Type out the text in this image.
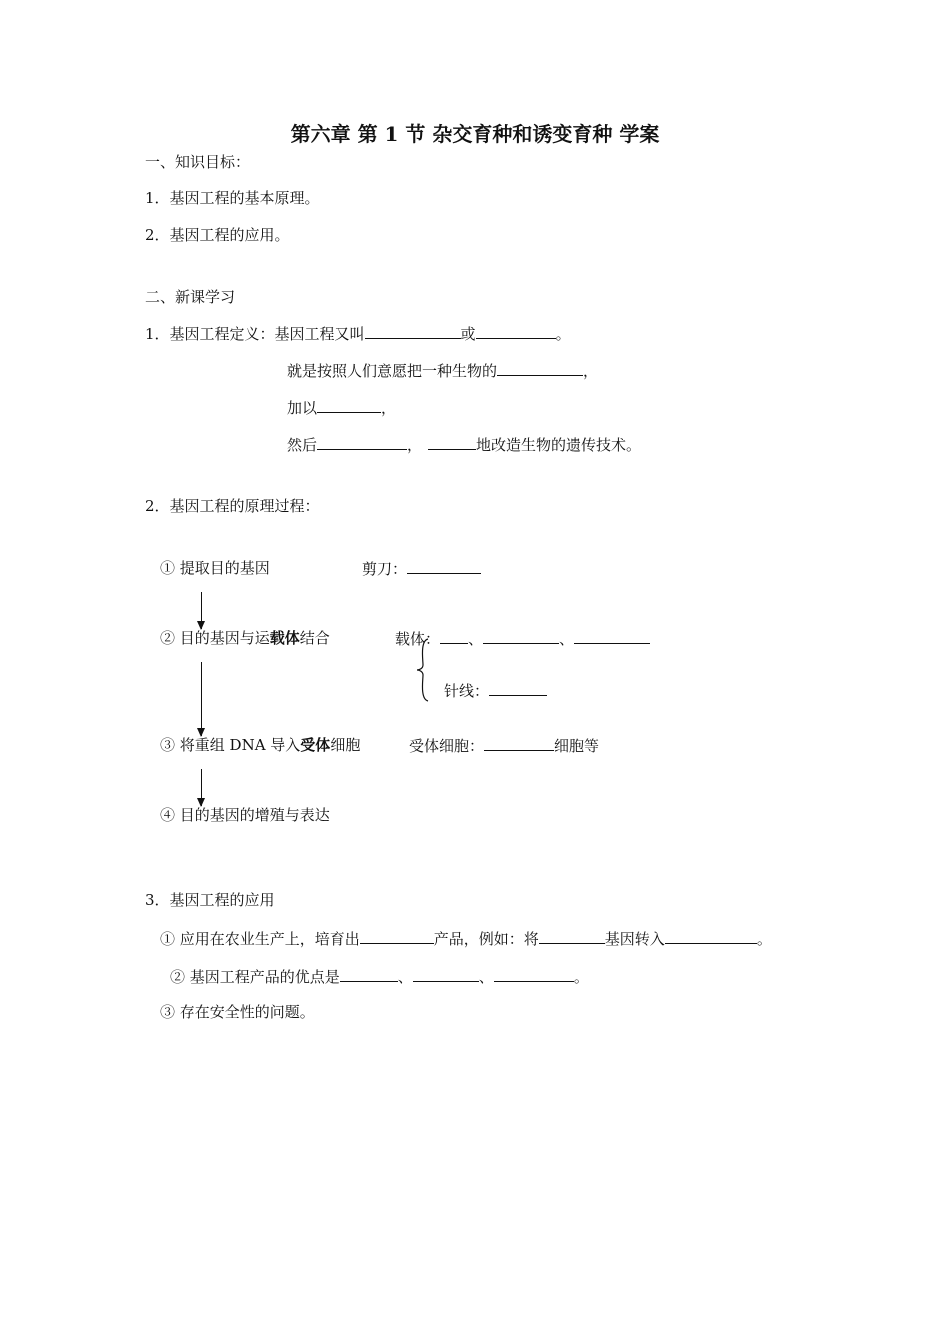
第六章 第 1 节 杂交育种和诱变育种 学案
一、知识目标：
1．基因工程的基本原理。
2．基因工程的应用。
二、新课学习
1．基因工程定义：基因工程又叫	或	。
就是按照人们意愿把一种生物的	，
加以	，
然后	，	地改造生物的遗传技术。
2．基因工程的原理过程：
① 提取目的基因	剪刀：
② 目的基因与运载体结合	载体： 、	、
针线：
③ 将重组 DNA 导入受体细胞	受体细胞：	细胞等
④ 目的基因的增殖与表达
3．基因工程的应用
① 应用在农业生产上，培育出	产品，例如：将	基因转入	。
② 基因工程产品的优点是	、	、	。
③ 存在安全性的问题。
